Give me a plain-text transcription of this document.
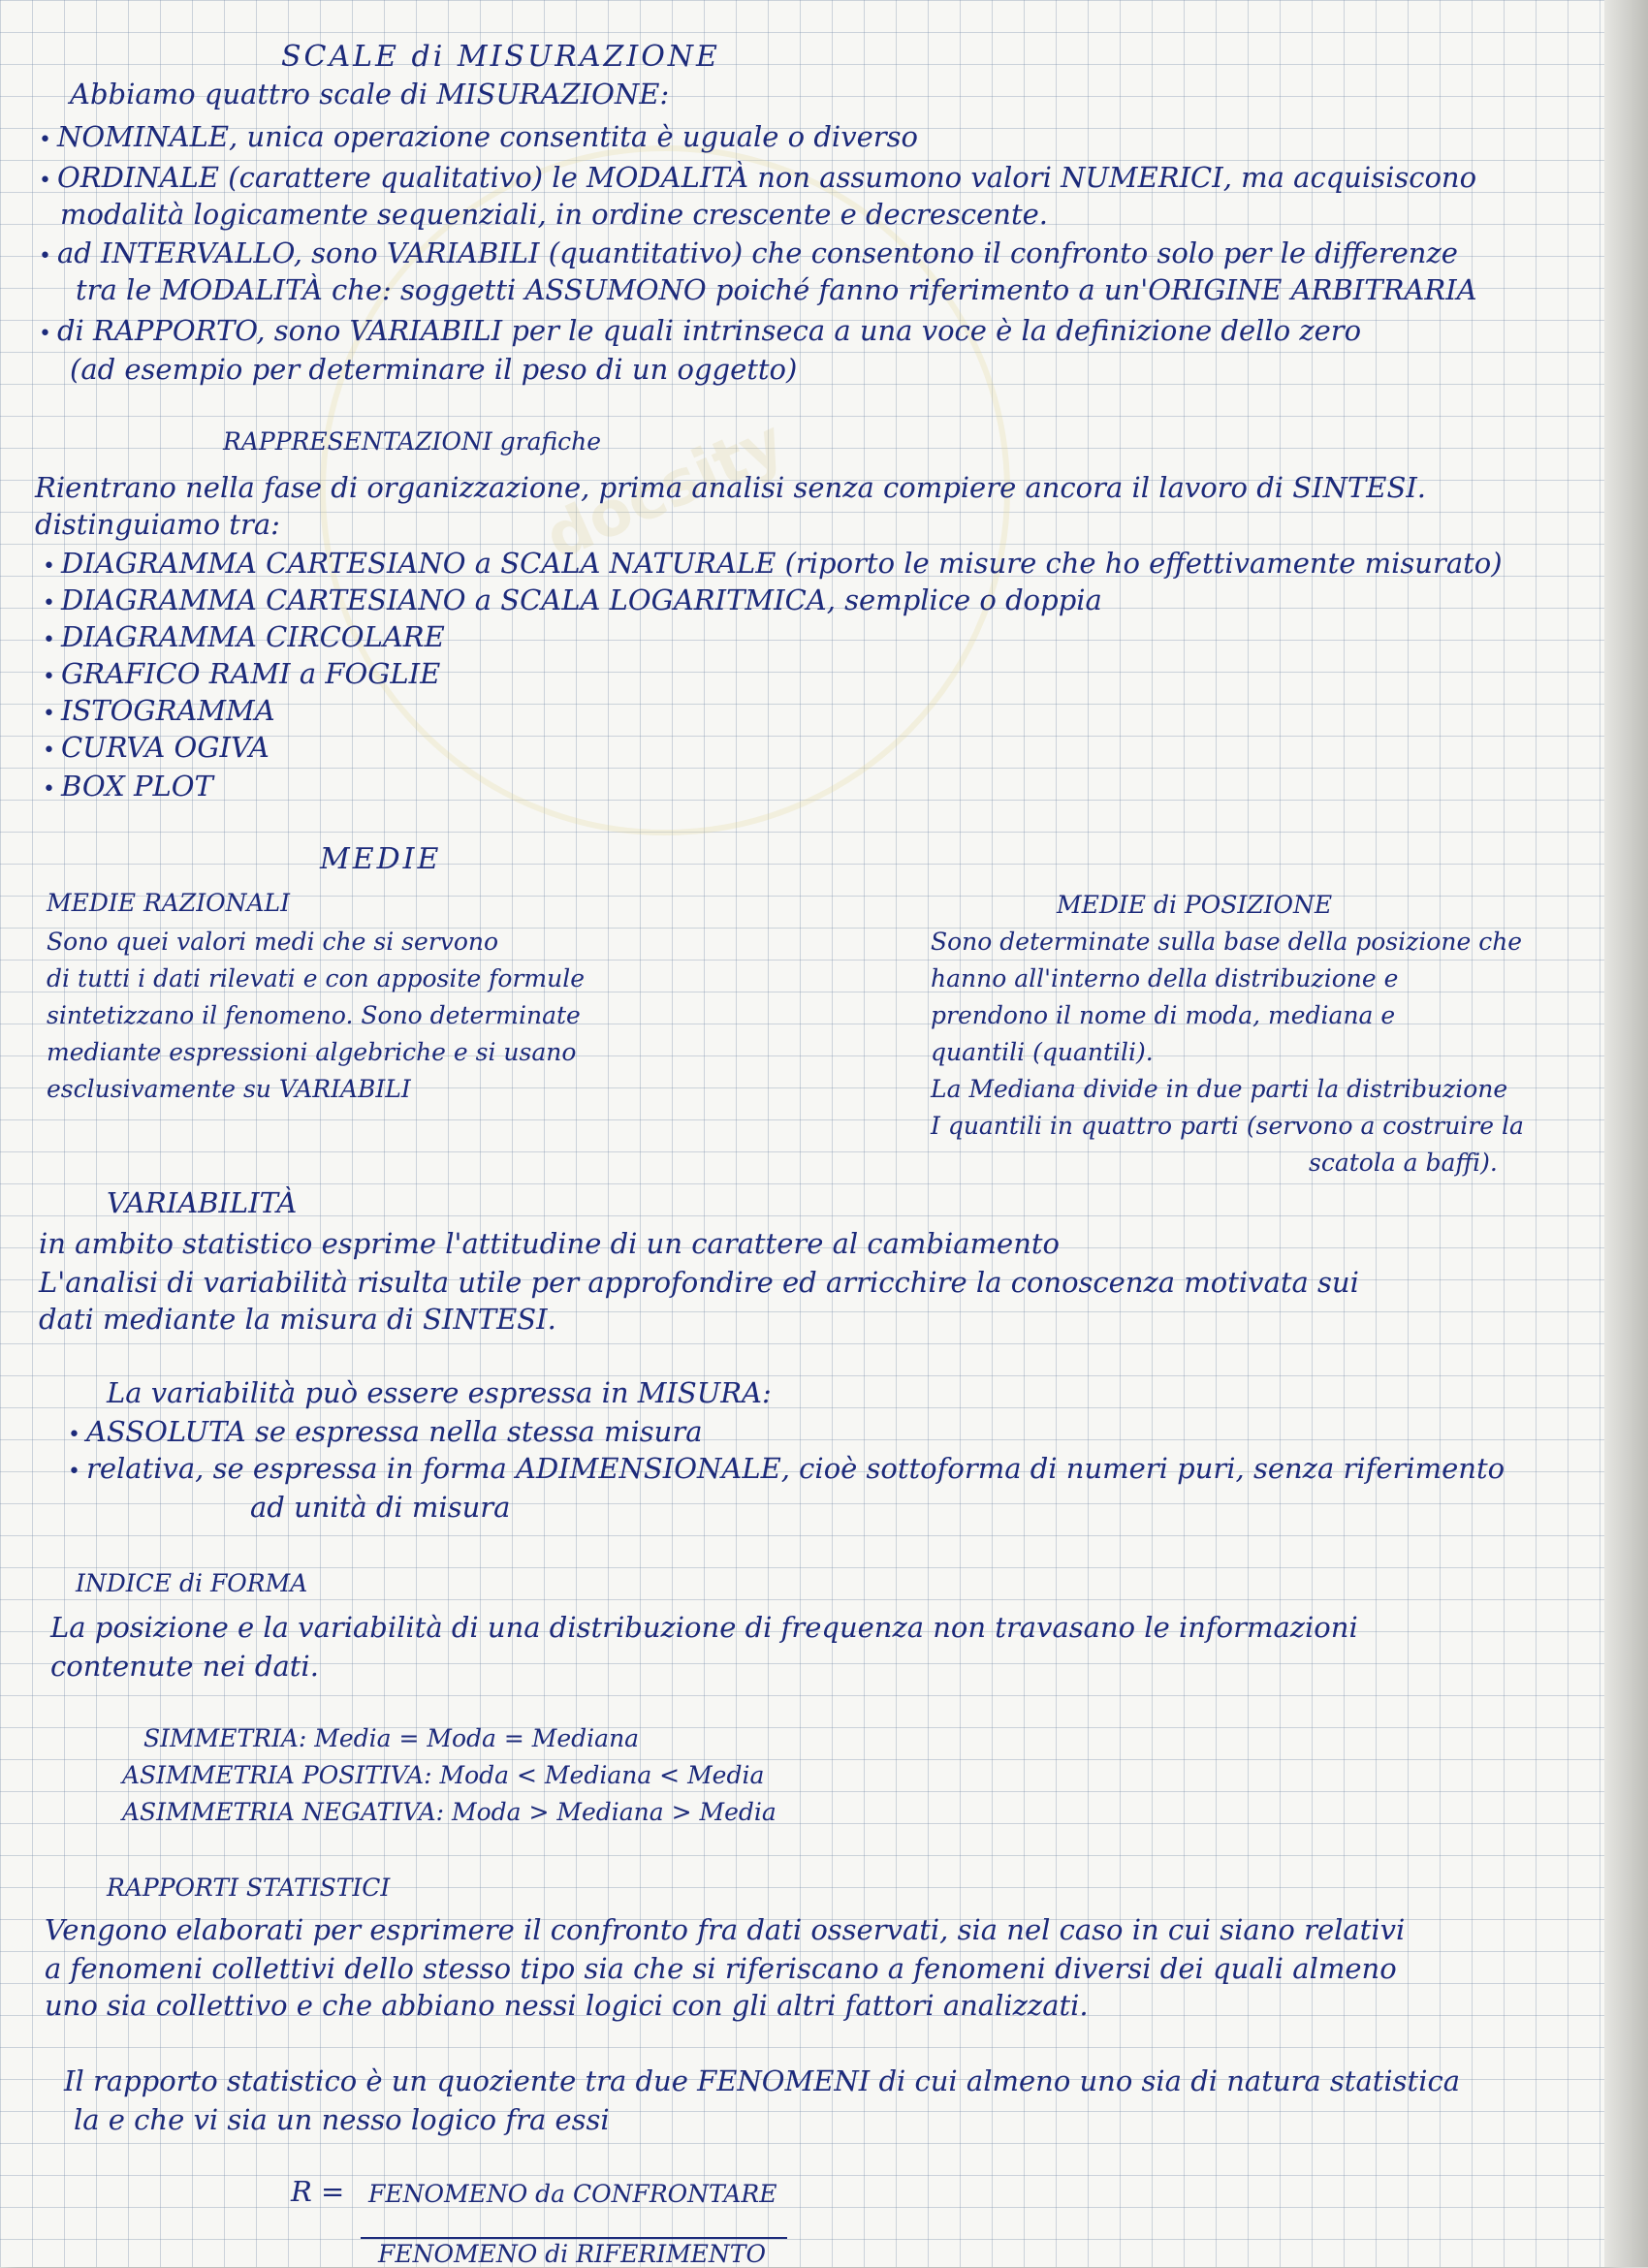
docsity
SCALE di MISURAZIONE
Abbiamo quattro scale di MISURAZIONE:
• NOMINALE, unica operazione consentita è uguale o diverso
• ORDINALE (carattere qualitativo) le MODALITÀ non assumono valori NUMERICI, ma acquisiscono
modalità logicamente sequenziali, in ordine crescente e decrescente.
• ad INTERVALLO, sono VARIABILI (quantitativo) che consentono il confronto solo per le differenze
tra le MODALITÀ che: soggetti ASSUMONO poiché fanno riferimento a un'ORIGINE ARBITRARIA
• di RAPPORTO, sono VARIABILI per le quali intrinseca a una voce è la definizione dello zero
(ad esempio per determinare il peso di un oggetto)
RAPPRESENTAZIONI grafiche
Rientrano nella fase di organizzazione, prima analisi senza compiere ancora il lavoro di SINTESI.
distinguiamo tra:
• DIAGRAMMA CARTESIANO a SCALA NATURALE (riporto le misure che ho effettivamente misurato)
• DIAGRAMMA CARTESIANO a SCALA LOGARITMICA, semplice o doppia
• DIAGRAMMA CIRCOLARE
• GRAFICO RAMI a FOGLIE
• ISTOGRAMMA
• CURVA OGIVA
• BOX PLOT
MEDIE
MEDIE RAZIONALI
Sono quei valori medi che si servono
di tutti i dati rilevati e con apposite formule
sintetizzano il fenomeno. Sono determinate
mediante espressioni algebriche e si usano
esclusivamente su VARIABILI
MEDIE di POSIZIONE
Sono determinate sulla base della posizione che
hanno all'interno della distribuzione e
prendono il nome di moda, mediana e
quantili (quantili).
La Mediana divide in due parti la distribuzione
I quantili in quattro parti (servono a costruire la
scatola a baffi).
VARIABILITÀ
in ambito statistico esprime l'attitudine di un carattere al cambiamento
L'analisi di variabilità risulta utile per approfondire ed arricchire la conoscenza motivata sui
dati mediante la misura di SINTESI.
La variabilità può essere espressa in MISURA:
• ASSOLUTA se espressa nella stessa misura
• relativa, se espressa in forma ADIMENSIONALE, cioè sottoforma di numeri puri, senza riferimento
ad unità di misura
INDICE di FORMA
La posizione e la variabilità di una distribuzione di frequenza non travasano le informazioni
contenute nei dati.
SIMMETRIA: Media = Moda = Mediana
ASIMMETRIA POSITIVA: Moda < Mediana < Media
ASIMMETRIA NEGATIVA: Moda > Mediana > Media
RAPPORTI STATISTICI
Vengono elaborati per esprimere il confronto fra dati osservati, sia nel caso in cui siano relativi
a fenomeni collettivi dello stesso tipo sia che si riferiscano a fenomeni diversi dei quali almeno
uno sia collettivo e che abbiano nessi logici con gli altri fattori analizzati.
Il rapporto statistico è un quoziente tra due FENOMENI di cui almeno uno sia di natura statistica
la e che vi sia un nesso logico fra essi
R = FENOMENO da CONFRONTARE
FENOMENO di RIFERIMENTO
